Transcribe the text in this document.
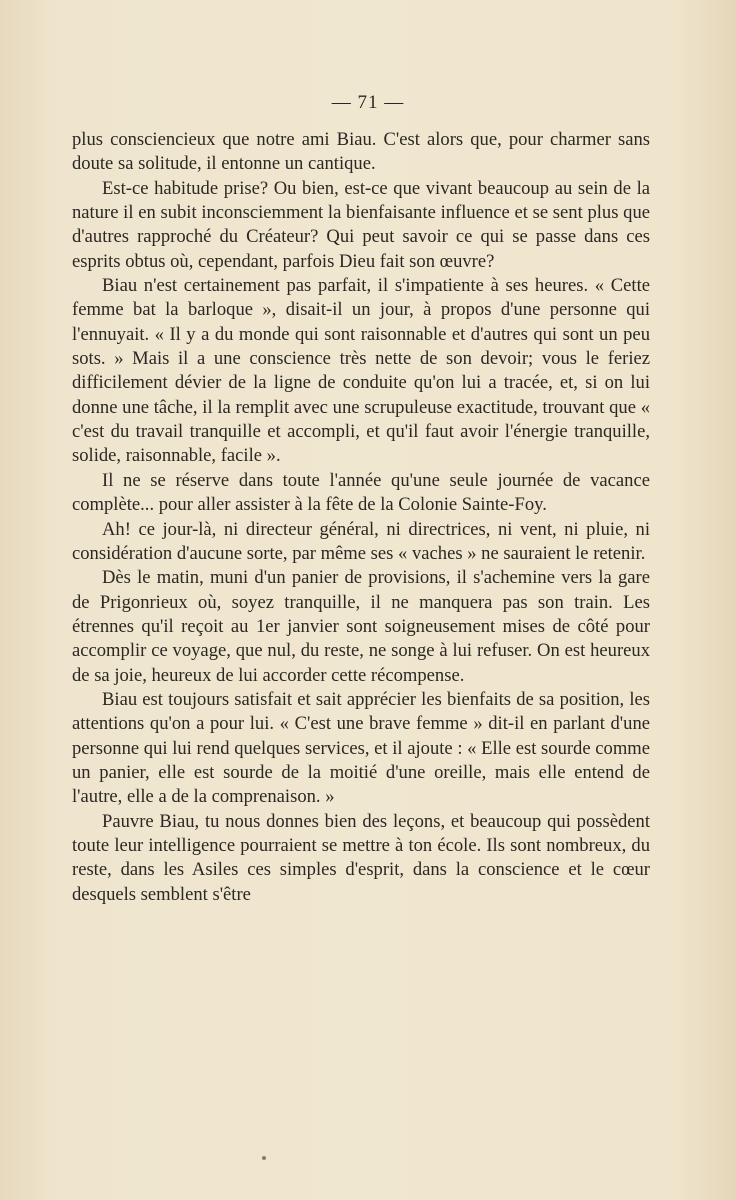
— 71 —

plus consciencieux que notre ami Biau. C'est alors que, pour charmer sans doute sa solitude, il entonne un cantique.

Est-ce habitude prise? Ou bien, est-ce que vivant beaucoup au sein de la nature il en subit inconsciemment la bienfaisante influence et se sent plus que d'autres rapproché du Créateur? Qui peut savoir ce qui se passe dans ces esprits obtus où, cependant, parfois Dieu fait son œuvre?

Biau n'est certainement pas parfait, il s'impatiente à ses heures. « Cette femme bat la barloque », disait-il un jour, à propos d'une personne qui l'ennuyait. « Il y a du monde qui sont raisonnable et d'autres qui sont un peu sots. » Mais il a une conscience très nette de son devoir; vous le feriez difficilement dévier de la ligne de conduite qu'on lui a tracée, et, si on lui donne une tâche, il la remplit avec une scrupuleuse exactitude, trouvant que « c'est du travail tranquille et accompli, et qu'il faut avoir l'énergie tranquille, solide, raisonnable, facile ».

Il ne se réserve dans toute l'année qu'une seule journée de vacance complète... pour aller assister à la fête de la Colonie Sainte-Foy.

Ah! ce jour-là, ni directeur général, ni directrices, ni vent, ni pluie, ni considération d'aucune sorte, par même ses « vaches » ne sauraient le retenir.

Dès le matin, muni d'un panier de provisions, il s'achemine vers la gare de Prigonrieux où, soyez tranquille, il ne manquera pas son train. Les étrennes qu'il reçoit au 1er janvier sont soigneusement mises de côté pour accomplir ce voyage, que nul, du reste, ne songe à lui refuser. On est heureux de sa joie, heureux de lui accorder cette récompense.

Biau est toujours satisfait et sait apprécier les bienfaits de sa position, les attentions qu'on a pour lui. « C'est une brave femme » dit-il en parlant d'une personne qui lui rend quelques services, et il ajoute : « Elle est sourde comme un panier, elle est sourde de la moitié d'une oreille, mais elle entend de l'autre, elle a de la comprenaison. »

Pauvre Biau, tu nous donnes bien des leçons, et beaucoup qui possèdent toute leur intelligence pourraient se mettre à ton école. Ils sont nombreux, du reste, dans les Asiles ces simples d'esprit, dans la conscience et le cœur desquels semblent s'être
